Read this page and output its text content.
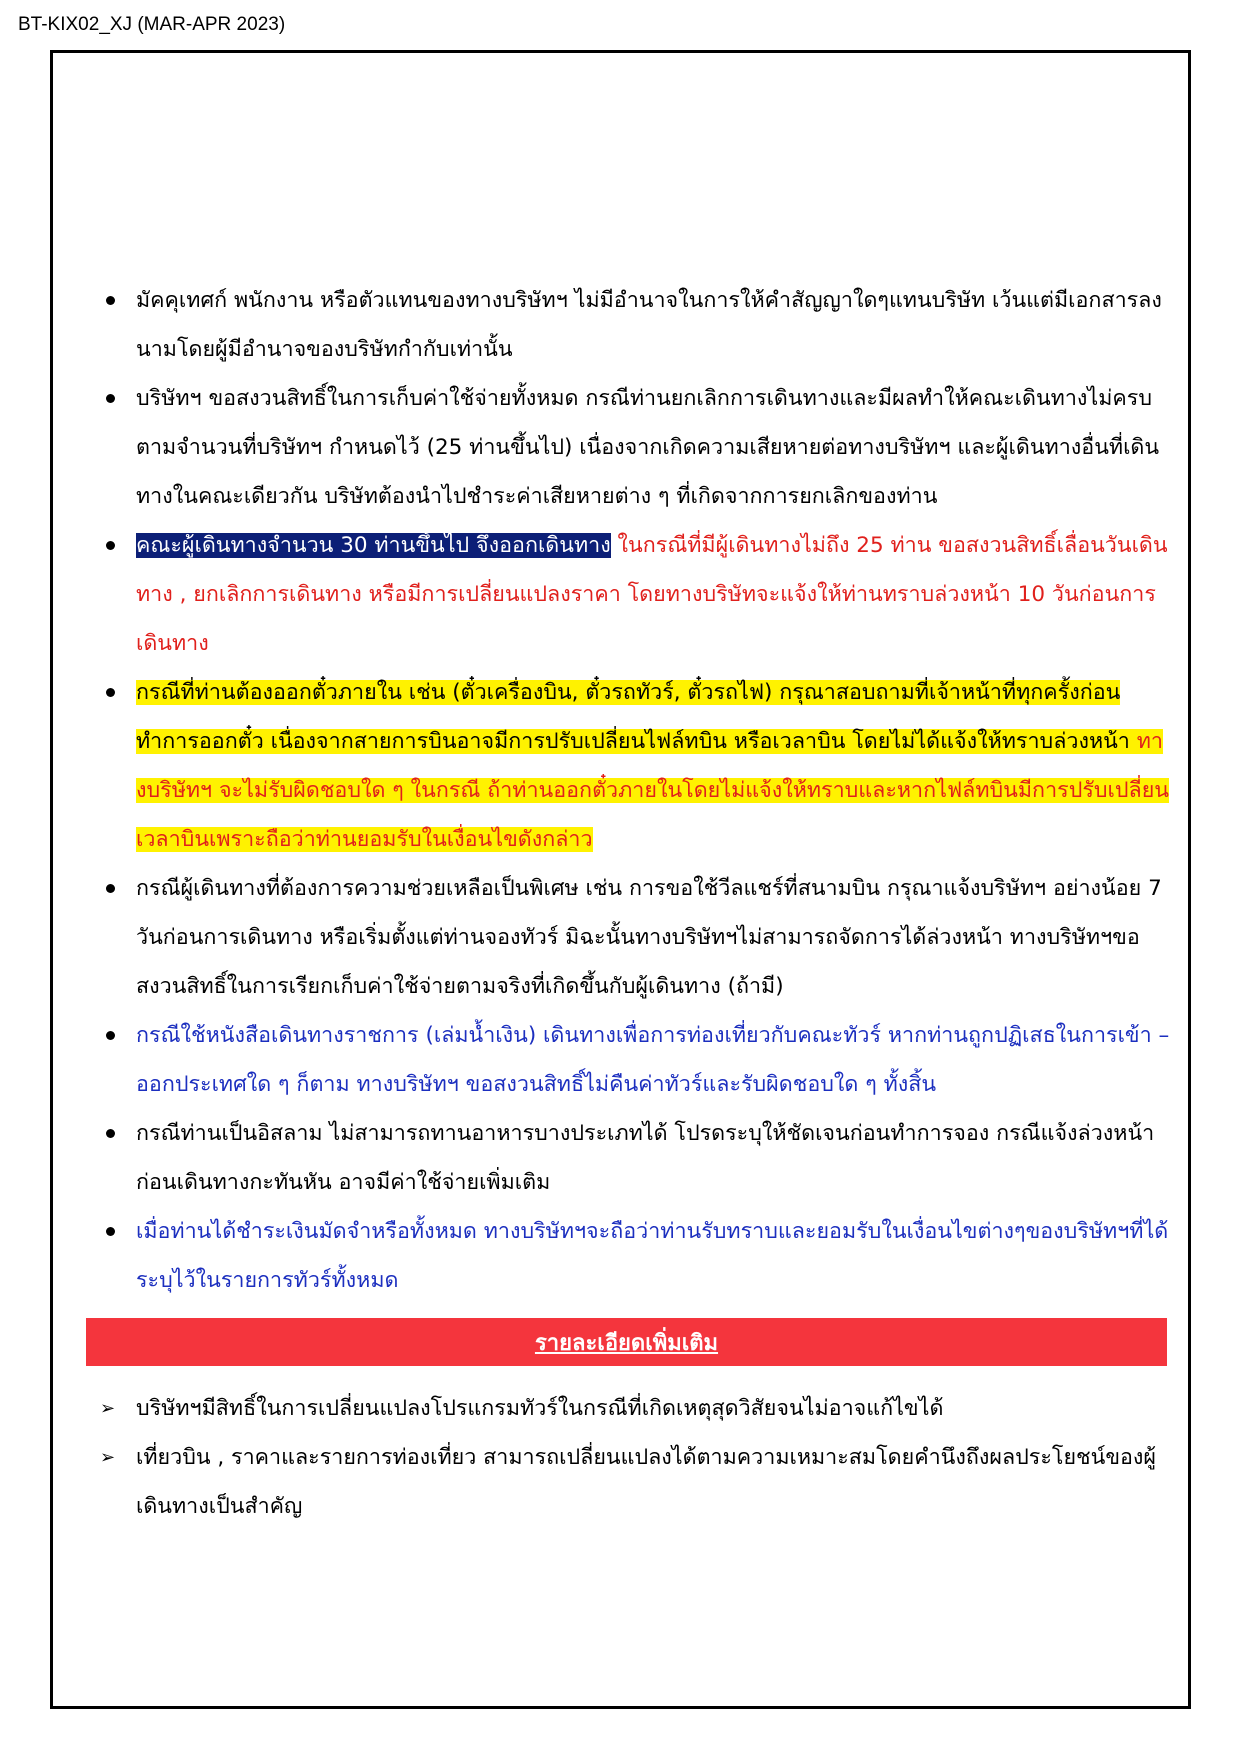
BT-KIX02_XJ (MAR-APR 2023)
มัคคุเทศก์ พนักงาน หรือตัวแทนของทางบริษัทฯ ไม่มีอำนาจในการให้คำสัญญาใดๆแทนบริษัท เว้นแต่มีเอกสารลงนามโดยผู้มีอำนาจของบริษัทกำกับเท่านั้น
บริษัทฯ ขอสงวนสิทธิ์ในการเก็บค่าใช้จ่ายทั้งหมด กรณีท่านยกเลิกการเดินทางและมีผลทำให้คณะเดินทางไม่ครบตามจำนวนที่บริษัทฯ กำหนดไว้ (25 ท่านขึ้นไป) เนื่องจากเกิดความเสียหายต่อทางบริษัทฯ และผู้เดินทางอื่นที่เดินทางในคณะเดียวกัน บริษัทต้องนำไปชำระค่าเสียหายต่าง ๆ ที่เกิดจากการยกเลิกของท่าน
คณะผู้เดินทางจำนวน 30 ท่านขึ้นไป จึงออกเดินทาง ในกรณีที่มีผู้เดินทางไม่ถึง 25 ท่าน ขอสงวนสิทธิ์เลื่อนวันเดินทาง , ยกเลิกการเดินทาง หรือมีการเปลี่ยนแปลงราคา โดยทางบริษัทจะแจ้งให้ท่านทราบล่วงหน้า 10 วันก่อนการเดินทาง
กรณีที่ท่านต้องออกตั๋วภายใน เช่น (ตั๋วเครื่องบิน, ตั๋วรถทัวร์, ตั๋วรถไฟ) กรุณาสอบถามที่เจ้าหน้าที่ทุกครั้งก่อนทำการออกตั๋ว เนื่องจากสายการบินอาจมีการปรับเปลี่ยนไฟล์ทบิน หรือเวลาบิน โดยไม่ได้แจ้งให้ทราบล่วงหน้า ทางบริษัทฯ จะไม่รับผิดชอบใด ๆ ในกรณี ถ้าท่านออกตั๋วภายในโดยไม่แจ้งให้ทราบและหากไฟล์ทบินมีการปรับเปลี่ยนเวลาบินเพราะถือว่าท่านยอมรับในเงื่อนไขดังกล่าว
กรณีผู้เดินทางที่ต้องการความช่วยเหลือเป็นพิเศษ เช่น การขอใช้วีลแชร์ที่สนามบิน กรุณาแจ้งบริษัทฯ อย่างน้อย 7 วันก่อนการเดินทาง หรือเริ่มตั้งแต่ท่านจองทัวร์ มิฉะนั้นทางบริษัทฯไม่สามารถจัดการได้ล่วงหน้า ทางบริษัทฯขอสงวนสิทธิ์ในการเรียกเก็บค่าใช้จ่ายตามจริงที่เกิดขึ้นกับผู้เดินทาง (ถ้ามี)
กรณีใช้หนังสือเดินทางราชการ (เล่มน้ำเงิน) เดินทางเพื่อการท่องเที่ยวกับคณะทัวร์ หากท่านถูกปฏิเสธในการเข้า – ออกประเทศใด ๆ ก็ตาม ทางบริษัทฯ ขอสงวนสิทธิ์ไม่คืนค่าทัวร์และรับผิดชอบใด ๆ ทั้งสิ้น
กรณีท่านเป็นอิสลาม ไม่สามารถทานอาหารบางประเภทได้ โปรดระบุให้ชัดเจนก่อนทำการจอง กรณีแจ้งล่วงหน้าก่อนเดินทางกะทันหัน อาจมีค่าใช้จ่ายเพิ่มเติม
เมื่อท่านได้ชำระเงินมัดจำหรือทั้งหมด ทางบริษัทฯจะถือว่าท่านรับทราบและยอมรับในเงื่อนไขต่างๆของบริษัทฯที่ได้ระบุไว้ในรายการทัวร์ทั้งหมด
รายละเอียดเพิ่มเติม
➢ บริษัทฯมีสิทธิ์ในการเปลี่ยนแปลงโปรแกรมทัวร์ในกรณีที่เกิดเหตุสุดวิสัยจนไม่อาจแก้ไขได้
➢ เที่ยวบิน , ราคาและรายการท่องเที่ยว สามารถเปลี่ยนแปลงได้ตามความเหมาะสมโดยคำนึงถึงผลประโยชน์ของผู้เดินทางเป็นสำคัญ
